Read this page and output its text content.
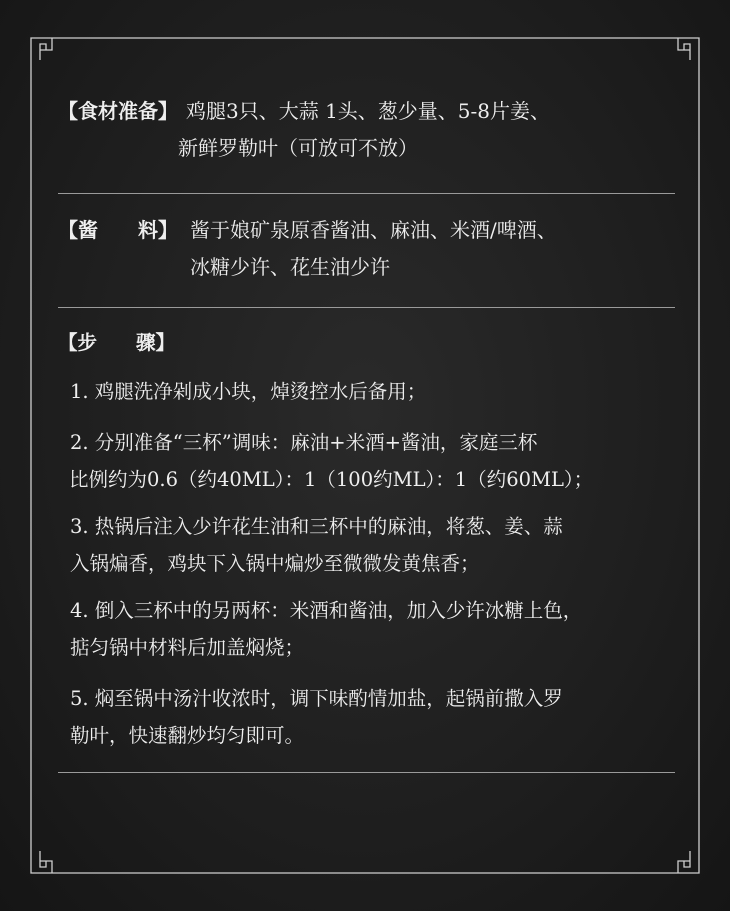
【食材准备】 鸡腿3只、大蒜 1头、葱少量、5-8片姜、
新鲜罗勒叶（可放可不放）
【酱　　料】 酱于娘矿泉原香酱油、麻油、米酒/啤酒、
冰糖少许、花生油少许
【步　　骤】
1. 鸡腿洗净剁成小块，焯烫控水后备用；
2. 分别准备“三杯”调味：麻油+米酒+酱油，家庭三杯
比例约为0.6（约40ML）：1（100约ML）：1（约60ML）；
3. 热锅后注入少许花生油和三杯中的麻油，将葱、姜、蒜
入锅煸香，鸡块下入锅中煸炒至微微发黄焦香；
4. 倒入三杯中的另两杯：米酒和酱油，加入少许冰糖上色，
掂匀锅中材料后加盖焖烧；
5. 焖至锅中汤汁收浓时，调下味酌情加盐，起锅前撒入罗
勒叶，快速翻炒均匀即可。
